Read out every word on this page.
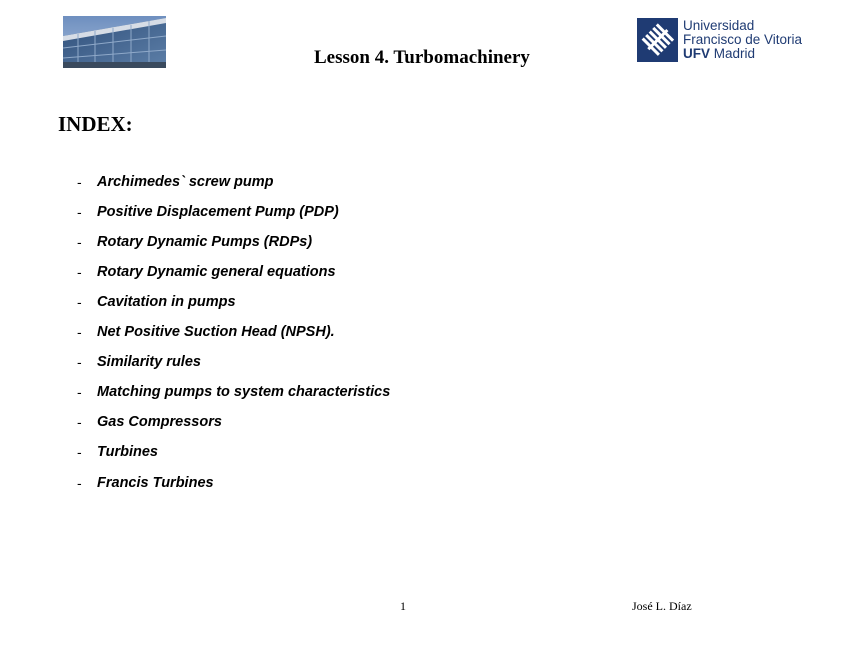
Lesson 4. Turbomachinery
Universidad
Francisco de Vitoria
UFV Madrid
INDEX:
- Archimedes` screw pump
- Positive Displacement Pump (PDP)
- Rotary Dynamic Pumps (RDPs)
- Rotary Dynamic general equations
- Cavitation in pumps
- Net Positive Suction Head (NPSH).
- Similarity rules
- Matching pumps to system characteristics
- Gas Compressors
- Turbines
- Francis Turbines
1	José L. Díaz
